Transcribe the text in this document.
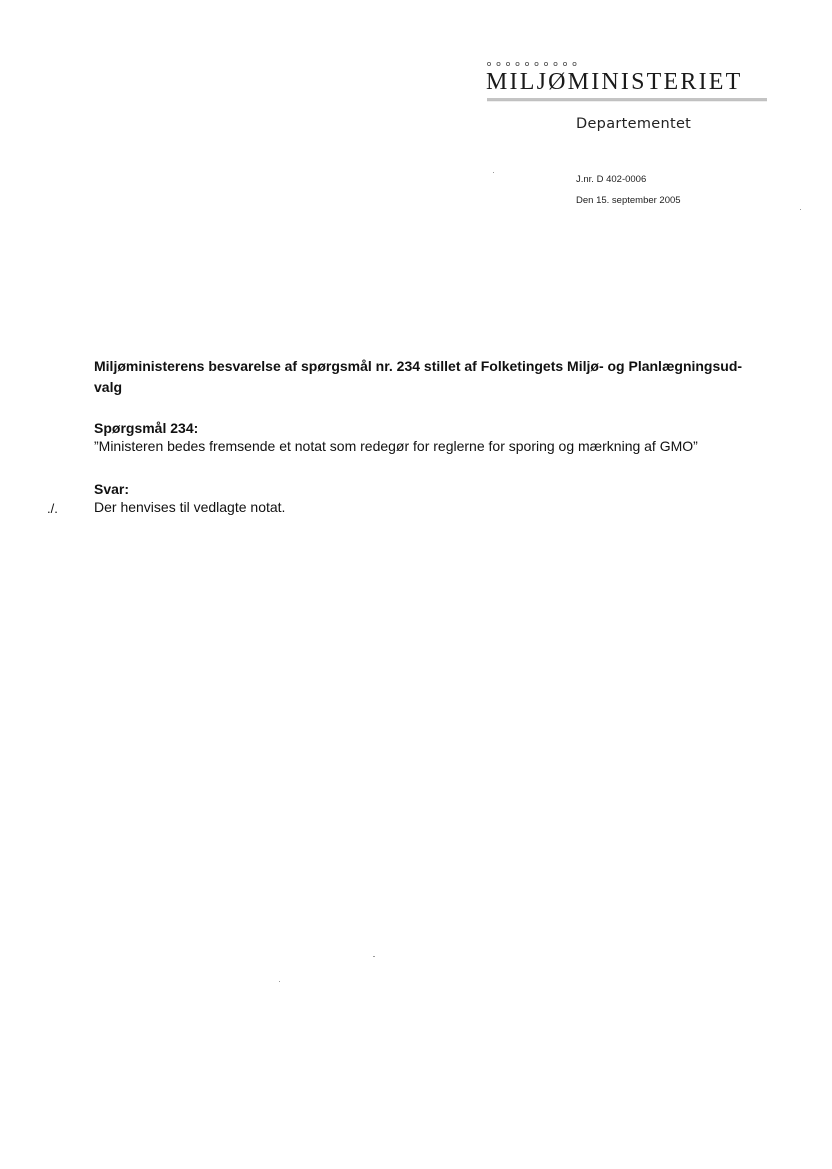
MILJØMINISTERIET
Departementet
J.nr. D 402-0006
Den 15. september 2005
Miljøministerens besvarelse af spørgsmål nr. 234 stillet af Folketingets Miljø- og Planlægningsud-valg
Spørgsmål 234:
”Ministeren bedes fremsende et notat som redegør for reglerne for sporing og mærkning af GMO”
Svar:
./.	Der henvises til vedlagte notat.
